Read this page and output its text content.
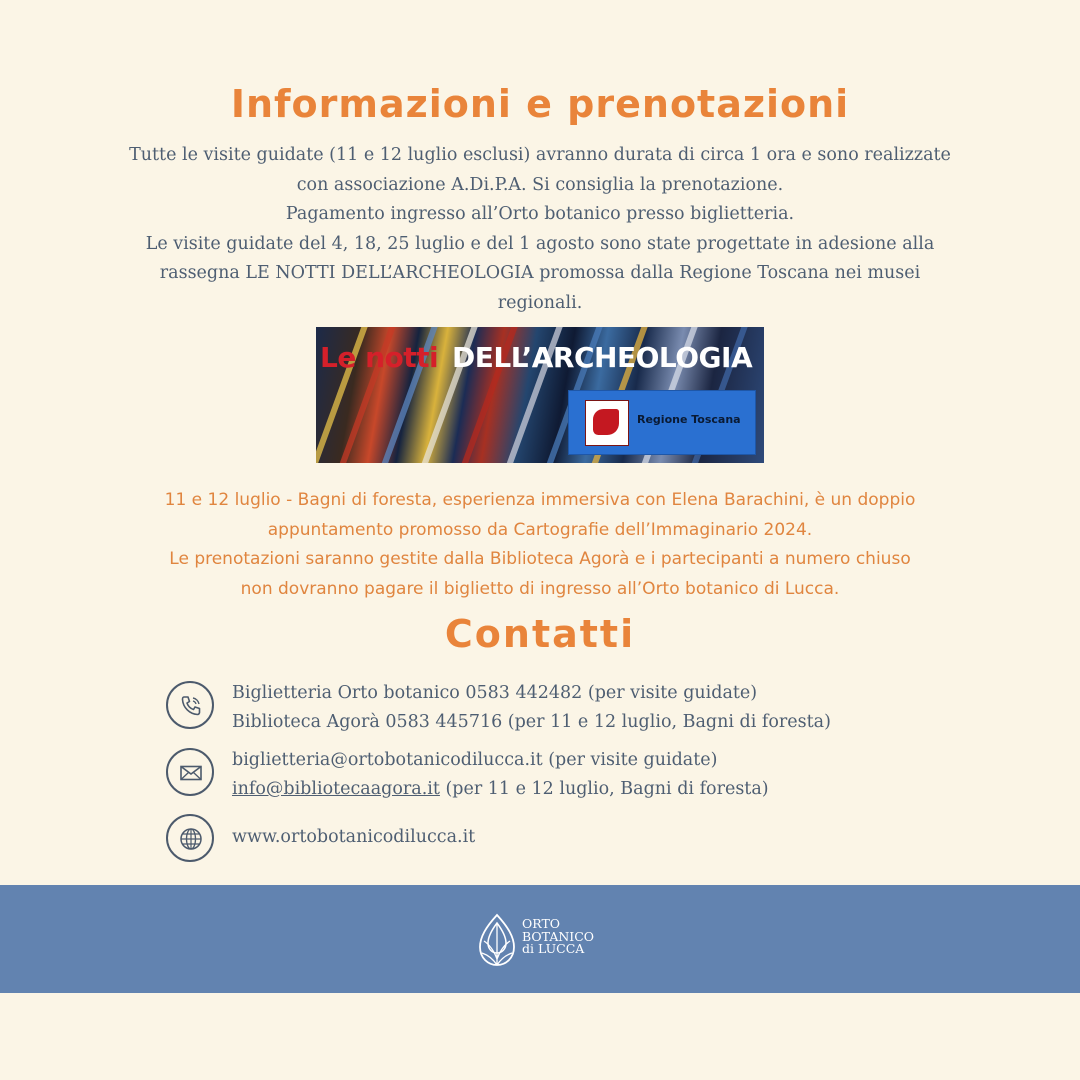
Informazioni e prenotazioni

Tutte le visite guidate (11 e 12 luglio esclusi) avranno durata di circa 1 ora e sono realizzate
con associazione A.Di.P.A. Si consiglia la prenotazione.
Pagamento ingresso all’Orto botanico presso biglietteria.
Le visite guidate del 4, 18, 25 luglio e del 1 agosto sono state progettate in adesione alla
rassegna LE NOTTI DELL’ARCHEOLOGIA promossa dalla Regione Toscana nei musei
regionali.

Le notti DELL’ARCHEOLOGIA
Regione Toscana

11 e 12 luglio - Bagni di foresta, esperienza immersiva con Elena Barachini, è un doppio
appuntamento promosso da Cartografie dell’Immaginario 2024.
Le prenotazioni saranno gestite dalla Biblioteca Agorà e i partecipanti a numero chiuso
non dovranno pagare il biglietto di ingresso all’Orto botanico di Lucca.

Contatti
Biglietteria Orto botanico 0583 442482 (per visite guidate)
Biblioteca Agorà 0583 445716 (per 11 e 12 luglio, Bagni di foresta)
biglietteria@ortobotanicodilucca.it (per visite guidate)
info@bibliotecaagora.it (per 11 e 12 luglio, Bagni di foresta)
www.ortobotanicodilucca.it
ORTO
BOTANICO
di LUCCA
